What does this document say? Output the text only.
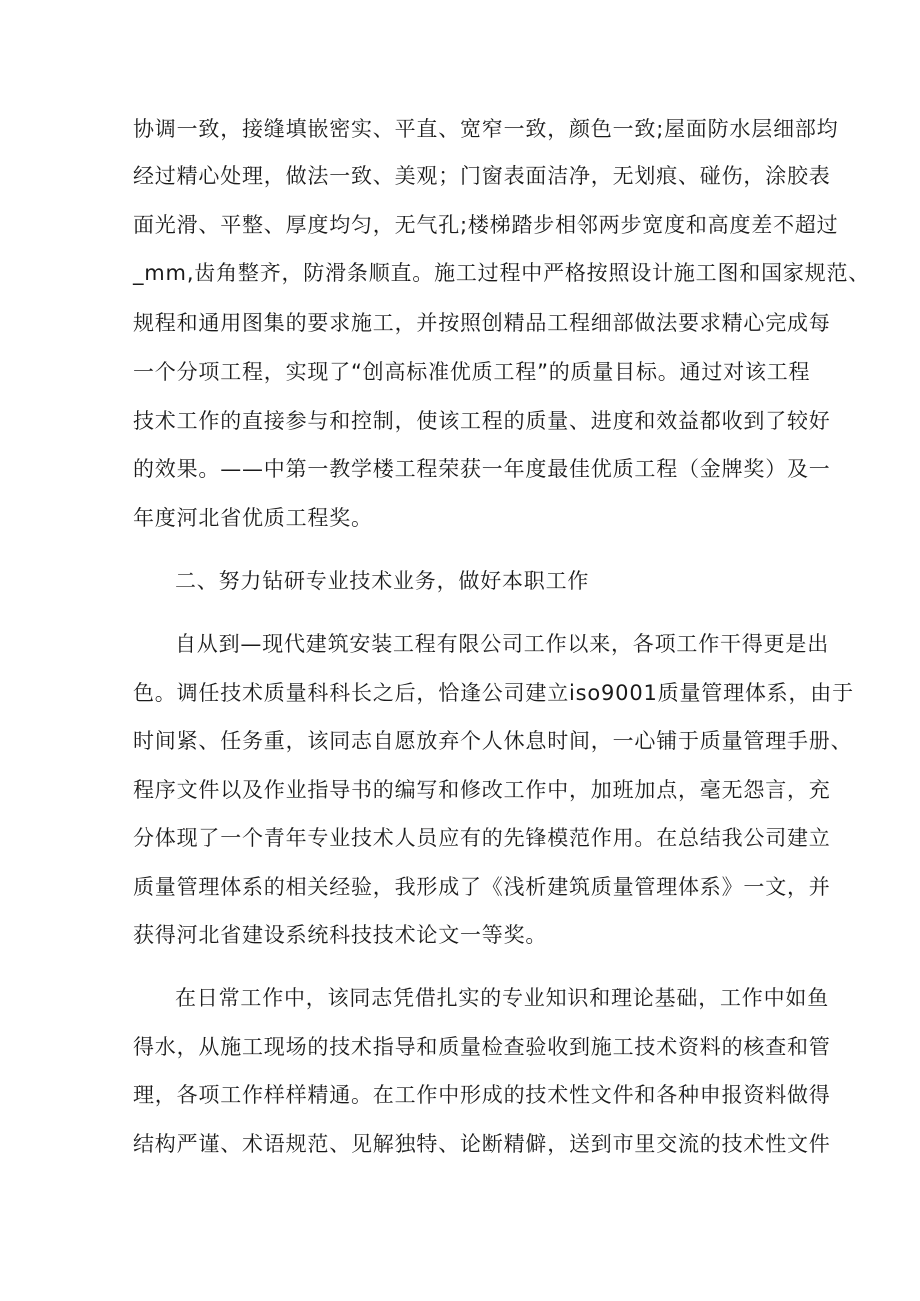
协调一致，接缝填嵌密实、平直、宽窄一致，颜色一致;屋面防水层细部均
经过精心处理，做法一致、美观；门窗表面洁净，无划痕、碰伤，涂胶表
面光滑、平整、厚度均匀，无气孔;楼梯踏步相邻两步宽度和高度差不超过
_mm,齿角整齐，防滑条顺直。施工过程中严格按照设计施工图和国家规范、
规程和通用图集的要求施工，并按照创精品工程细部做法要求精心完成每
一个分项工程，实现了“创高标准优质工程”的质量目标。通过对该工程
技术工作的直接参与和控制，使该工程的质量、进度和效益都收到了较好
的效果。——中第一教学楼工程荣获一年度最佳优质工程（金牌奖）及一
年度河北省优质工程奖。
二、努力钻研专业技术业务，做好本职工作
自从到—现代建筑安装工程有限公司工作以来，各项工作干得更是出
色。调任技术质量科科长之后，恰逢公司建立iso9001质量管理体系，由于
时间紧、任务重，该同志自愿放弃个人休息时间，一心铺于质量管理手册、
程序文件以及作业指导书的编写和修改工作中，加班加点，毫无怨言，充
分体现了一个青年专业技术人员应有的先锋模范作用。在总结我公司建立
质量管理体系的相关经验，我形成了《浅析建筑质量管理体系》一文，并
获得河北省建设系统科技技术论文一等奖。
在日常工作中，该同志凭借扎实的专业知识和理论基础，工作中如鱼
得水，从施工现场的技术指导和质量检查验收到施工技术资料的核查和管
理，各项工作样样精通。在工作中形成的技术性文件和各种申报资料做得
结构严谨、术语规范、见解独特、论断精僻，送到市里交流的技术性文件
